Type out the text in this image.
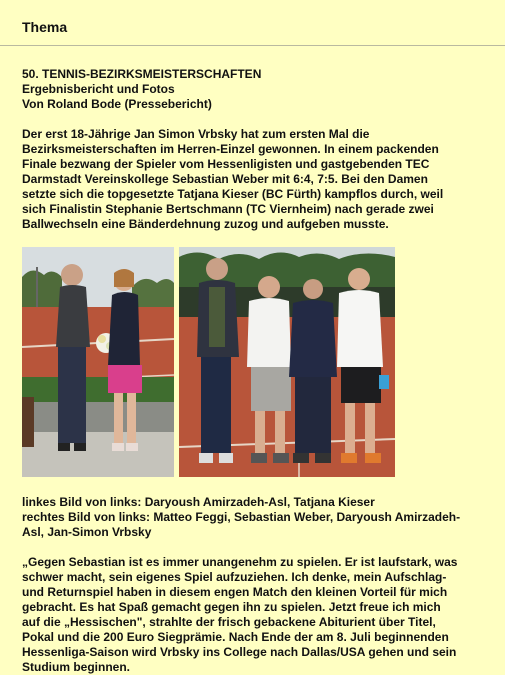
Thema

50. TENNIS-BEZIRKSMEISTERSCHAFTEN

Ergebnisbericht und Fotos

Von Roland Bode (Pressebericht)

Der erst 18-Jährige Jan Simon Vrbsky hat zum ersten Mal die Bezirksmeisterschaften im Herren-Einzel gewonnen. In einem packenden Finale bezwang der Spieler vom Hessenligisten und gastgebenden TEC Darmstadt Vereinskollege Sebastian Weber mit 6:4, 7:5. Bei den Damen setzte sich die topgesetzte Tatjana Kieser (BC Fürth) kampflos durch, weil sich Finalistin Stephanie Bertschmann (TC Viernheim) nach gerade zwei Ballwechseln eine Bänderdehnung zuzog und aufgeben musste.

linkes Bild von links: Daryoush Amirzadeh-Asl, Tatjana Kieser

rechtes Bild von links: Matteo Feggi, Sebastian Weber, Daryoush Amirzadeh-Asl, Jan-Simon Vrbsky

„Gegen Sebastian ist es immer unangenehm zu spielen. Er ist laufstark, was schwer macht, sein eigenes Spiel aufzuziehen. Ich denke, mein Aufschlag- und Returnspiel haben in diesem engen Match den kleinen Vorteil für mich gebracht. Es hat Spaß gemacht gegen ihn zu spielen. Jetzt freue ich mich auf die „Hessischen", strahlte der frisch gebackene Abiturient über Titel, Pokal und die 200 Euro Siegprämie. Nach Ende der am 8. Juli beginnenden Hessenliga-Saison wird Vrbsky ins College nach Dallas/USA gehen und sein Studium beginnen.
